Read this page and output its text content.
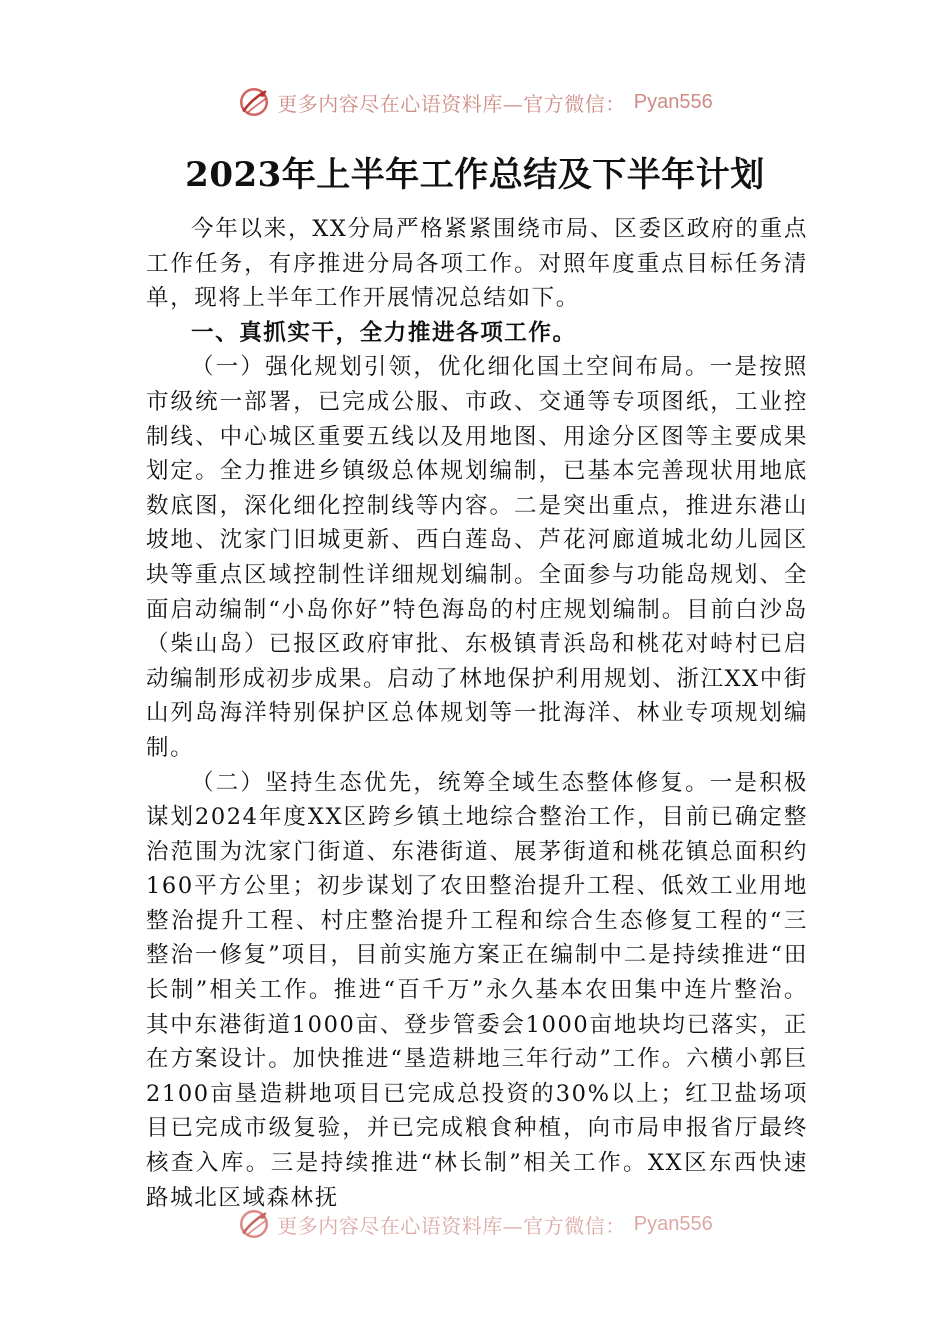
更多内容尽在心语资料库—官方微信： Pyan556
2023年上半年工作总结及下半年计划

今年以来，XX分局严格紧紧围绕市局、区委区政府的重点工作任务，有序推进分局各项工作。对照年度重点目标任务清单，现将上半年工作开展情况总结如下。

一、真抓实干，全力推进各项工作。

（一）强化规划引领，优化细化国土空间布局。一是按照市级统一部署，已完成公服、市政、交通等专项图纸，工业控制线、中心城区重要五线以及用地图、用途分区图等主要成果划定。全力推进乡镇级总体规划编制，已基本完善现状用地底数底图，深化细化控制线等内容。二是突出重点，推进东港山坡地、沈家门旧城更新、西白莲岛、芦花河廊道城北幼儿园区块等重点区域控制性详细规划编制。全面参与功能岛规划、全面启动编制“小岛你好”特色海岛的村庄规划编制。目前白沙岛（柴山岛）已报区政府审批、东极镇青浜岛和桃花对峙村已启动编制形成初步成果。启动了林地保护利用规划、浙江XX中街山列岛海洋特别保护区总体规划等一批海洋、林业专项规划编制。

（二）坚持生态优先，统筹全域生态整体修复。一是积极谋划2024年度XX区跨乡镇土地综合整治工作，目前已确定整治范围为沈家门街道、东港街道、展茅街道和桃花镇总面积约160平方公里；初步谋划了农田整治提升工程、低效工业用地整治提升工程、村庄整治提升工程和综合生态修复工程的“三整治一修复”项目，目前实施方案正在编制中二是持续推进“田长制”相关工作。推进“百千万”永久基本农田集中连片整治。其中东港街道1000亩、登步管委会1000亩地块均已落实，正在方案设计。加快推进“垦造耕地三年行动”工作。六横小郭巨2100亩垦造耕地项目已完成总投资的30%以上；红卫盐场项目已完成市级复验，并已完成粮食种植，向市局申报省厅最终核查入库。三是持续推进“林长制”相关工作。XX区东西快速路城北区域森林抚

更多内容尽在心语资料库—官方微信： Pyan556
